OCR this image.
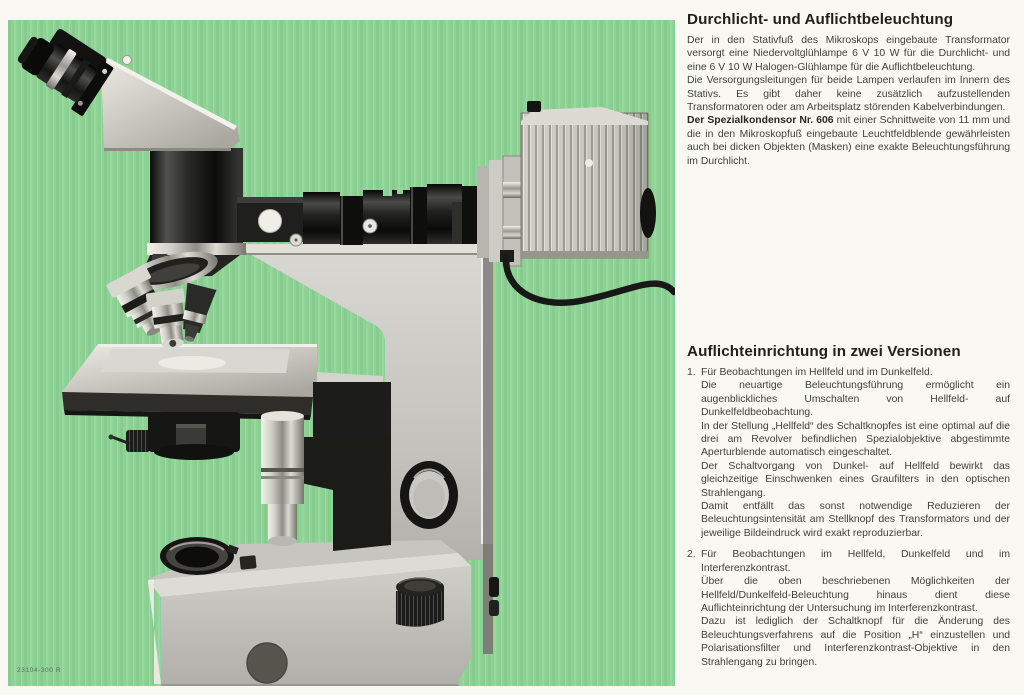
23104-300 R
Durchlicht- und Auflichtbeleuchtung

Der in den Stativfuß des Mikroskops eingebaute Transformator versorgt eine Niedervoltglühlampe 6 V 10 W für die Durchlicht- und eine 6 V 10 W Halogen-Glühlampe für die Auflichtbeleuchtung.

Die Versorgungsleitungen für beide Lampen verlaufen im Innern des Stativs. Es gibt daher keine zusätzlich aufzustellenden Transformatoren oder am Arbeitsplatz störenden Kabelverbindungen.

Der Spezialkondensor Nr. 606 mit einer Schnittweite von 11 mm und die in den Mikroskopfuß eingebaute Leuchtfeldblende gewährleisten auch bei dicken Objekten (Masken) eine exakte Beleuchtungsführung im Durchlicht.

Auflichteinrichtung in zwei Versionen
1. Für Beobachtungen im Hellfeld und im Dunkelfeld.

Die neuartige Beleuchtungsführung ermöglicht ein augenblickliches Umschalten von Hellfeld- auf Dunkelfeldbeobachtung.

In der Stellung „Hellfeld“ des Schaltknopfes ist eine optimal auf die drei am Revolver befindlichen Spezialobjektive abgestimmte Aperturblende automatisch eingeschaltet.

Der Schaltvorgang von Dunkel- auf Hellfeld bewirkt das gleichzeitige Einschwenken eines Graufilters in den optischen Strahlengang.

Damit entfällt das sonst notwendige Reduzieren der Beleuchtungsintensität am Stellknopf des Transformators und der jeweilige Bildeindruck wird exakt reproduzierbar.

2. Für Beobachtungen im Hellfeld, Dunkelfeld und im Interferenzkontrast.

Über die oben beschriebenen Möglichkeiten der Hellfeld/Dunkelfeld-Beleuchtung hinaus dient diese Auflichteinrichtung der Untersuchung im Interferenzkontrast.

Dazu ist lediglich der Schaltknopf für die Änderung des Beleuchtungsverfahrens auf die Position „H“ einzustellen und Polarisationsfilter und Interferenzkontrast-Objektive in den Strahlengang zu bringen.
